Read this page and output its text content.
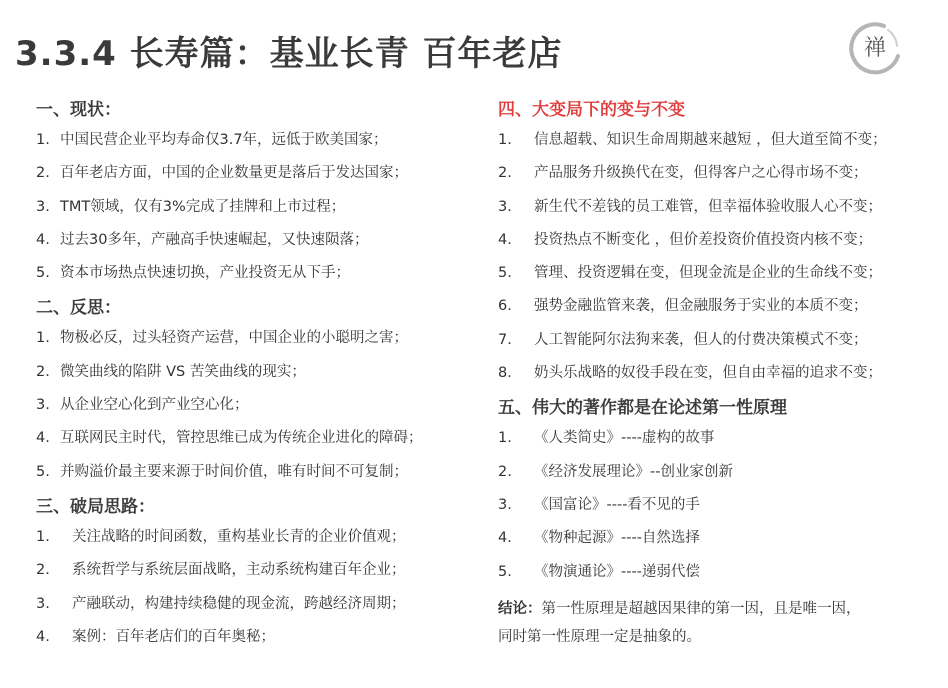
3.3.4 长寿篇：基业长青 百年老店	禅
一、现状：
1. 中国民营企业平均寿命仅3.7年，远低于欧美国家；
2. 百年老店方面，中国的企业数量更是落后于发达国家；
3. TMT领域，仅有3%完成了挂牌和上市过程；
4. 过去30多年，产融高手快速崛起，又快速陨落；
5. 资本市场热点快速切换，产业投资无从下手；
二、反思：
1. 物极必反，过头轻资产运营，中国企业的小聪明之害；
2. 微笑曲线的陷阱 VS 苦笑曲线的现实；
3. 从企业空心化到产业空心化；
4. 互联网民主时代，管控思维已成为传统企业进化的障碍；
5. 并购溢价最主要来源于时间价值，唯有时间不可复制；
三、破局思路：
1.	关注战略的时间函数，重构基业长青的企业价值观；
2.	系统哲学与系统层面战略，主动系统构建百年企业；
3.	产融联动，构建持续稳健的现金流，跨越经济周期；
4.	案例：百年老店们的百年奥秘；
四、大变局下的变与不变
1.	信息超载、知识生命周期越来越短 ，但大道至简不变；
2.	产品服务升级换代在变，但得客户之心得市场不变；
3.	新生代不差钱的员工难管，但幸福体验收服人心不变；
4.	投资热点不断变化 ，但价差投资价值投资内核不变；
5.	管理、投资逻辑在变，但现金流是企业的生命线不变；
6.	强势金融监管来袭，但金融服务于实业的本质不变；
7.	人工智能阿尔法狗来袭，但人的付费决策模式不变；
8.	奶头乐战略的奴役手段在变，但自由幸福的追求不变；
五、伟大的著作都是在论述第一性原理
1.	《人类简史》----虚构的故事
2.	《经济发展理论》--创业家创新
3.	《国富论》----看不见的手
4.	《物种起源》----自然选择
5.	《物演通论》----递弱代偿
结论：第一性原理是超越因果律的第一因，且是唯一因，
同时第一性原理一定是抽象的。
